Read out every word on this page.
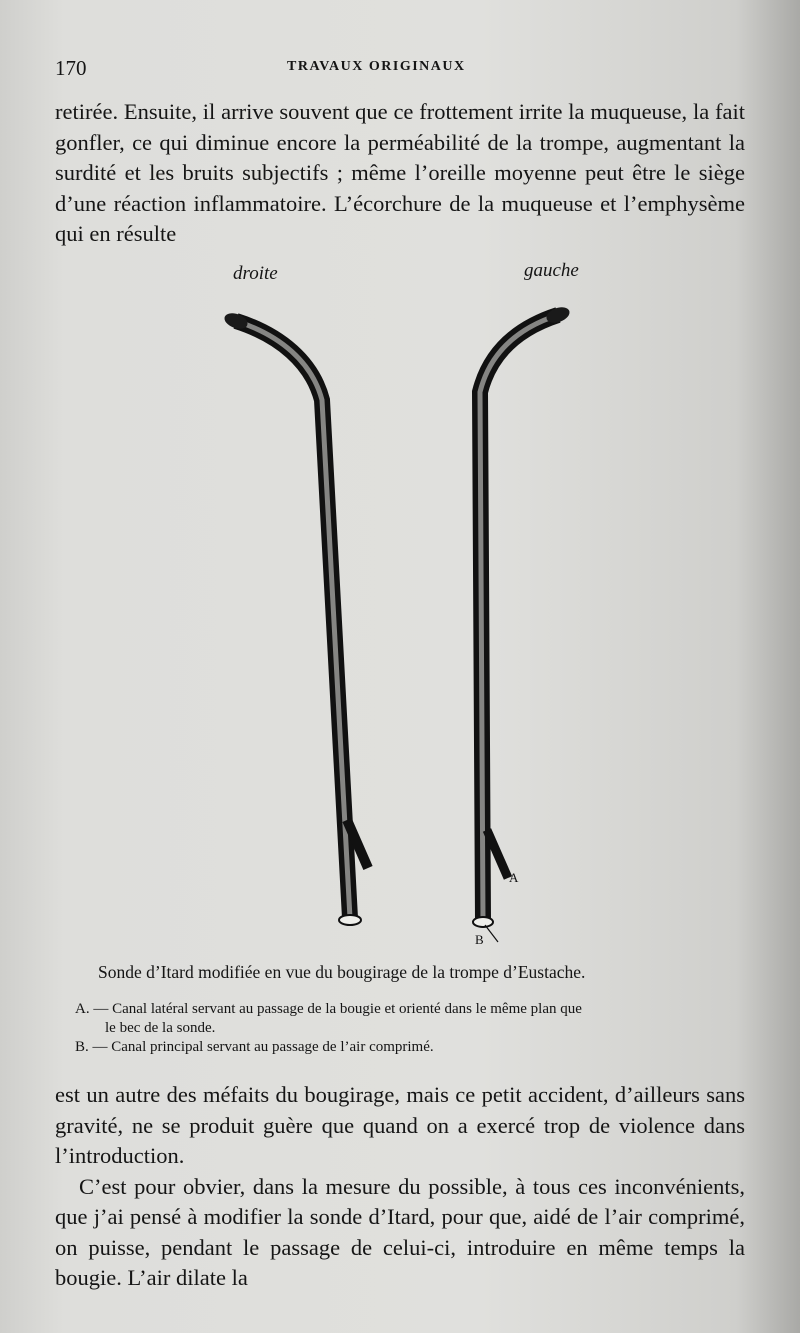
170	TRAVAUX ORIGINAUX

retirée. Ensuite, il arrive souvent que ce frottement irrite la muqueuse, la fait gonfler, ce qui diminue encore la perméabilité de la trompe, augmentant la surdité et les bruits subjectifs ; même l’oreille moyenne peut être le siège d’une réaction inflammatoire. L’écorchure de la muqueuse et l’emphysème qui en résulte

droite	gauche
A
B
Sonde d’Itard modifiée en vue du bougirage de la trompe d’Eustache.

A. — Canal latéral servant au passage de la bougie et orienté dans le même plan que

le bec de la sonde.

B. — Canal principal servant au passage de l’air comprimé.

est un autre des méfaits du bougirage, mais ce petit accident, d’ailleurs sans gravité, ne se produit guère que quand on a exercé trop de violence dans l’introduction.

C’est pour obvier, dans la mesure du possible, à tous ces inconvénients, que j’ai pensé à modifier la sonde d’Itard, pour que, aidé de l’air comprimé, on puisse, pendant le passage de celui-ci, introduire en même temps la bougie. L’air dilate la
